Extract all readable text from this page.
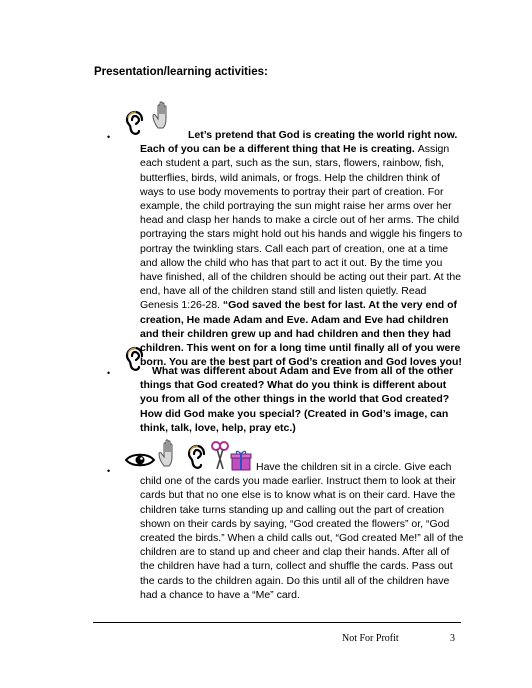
Presentation/learning activities:
•	Let’s pretend that God is creating the world right now. Each of you can be a different thing that He is creating. Assign each student a part, such as the sun, stars, flowers, rainbow, fish, butterflies, birds, wild animals, or frogs. Help the children think of ways to use body movements to portray their part of creation. For example, the child portraying the sun might raise her arms over her head and clasp her hands to make a circle out of her arms. The child portraying the stars might hold out his hands and wiggle his fingers to portray the twinkling stars. Call each part of creation, one at a time and allow the child who has that part to act it out. By the time you have finished, all of the children should be acting out their part. At the end, have all of the children stand still and listen quietly. Read Genesis 1:26-28. “God saved the best for last. At the very end of creation, He made Adam and Eve. Adam and Eve had children and their children grew up and had children and then they had children. This went on for a long time until finally all of you were born. You are the best part of God’s creation and God loves you!

•	What was different about Adam and Eve from all of the other things that God created? What do you think is different about you from all of the other things in the world that God created? How did God make you special? (Created in God’s image, can think, talk, love, help, pray etc.)

•	Have the children sit in a circle. Give each child one of the cards you made earlier. Instruct them to look at their cards but that no one else is to know what is on their card. Have the children take turns standing up and calling out the part of creation shown on their cards by saying, “God created the flowers” or, “God created the birds.” When a child calls out, “God created Me!” all of the children are to stand up and cheer and clap their hands. After all of the children have had a turn, collect and shuffle the cards. Pass out the cards to the children again. Do this until all of the children have had a chance to have a “Me” card.

Not For Profit	3
